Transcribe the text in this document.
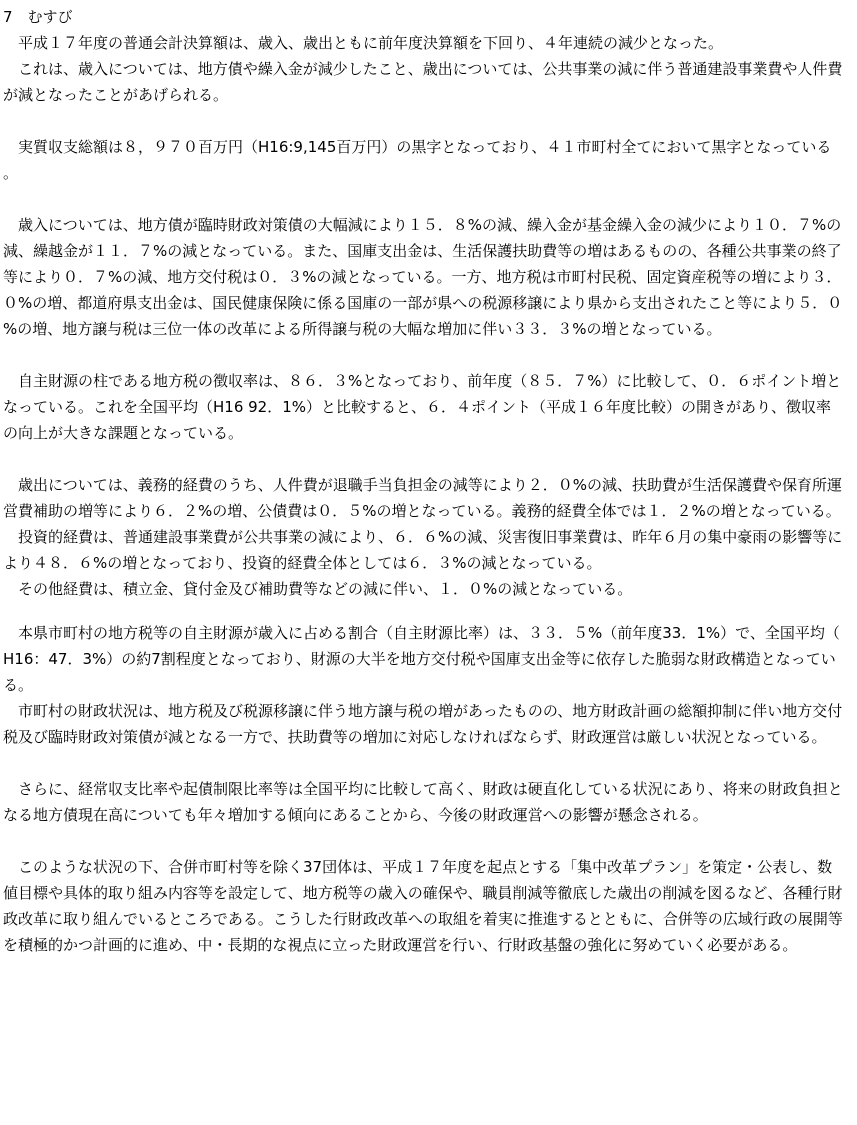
7　むすび

　平成１７年度の普通会計決算額は、歳入、歳出ともに前年度決算額を下回り、４年連続の減少となった。

　これは、歳入については、地方債や繰入金が減少したこと、歳出については、公共事業の減に伴う普通建設事業費や人件費が減となったことがあげられる。

　実質収支総額は８，９７０百万円（H16:9,145百万円）の黒字となっており、４１市町村全てにおいて黒字となっている。

　歳入については、地方債が臨時財政対策債の大幅減により１５．８%の減、繰入金が基金繰入金の減少により１０．７%の減、繰越金が１１．７%の減となっている。また、国庫支出金は、生活保護扶助費等の増はあるものの、各種公共事業の終了等により０．７%の減、地方交付税は０．３%の減となっている。一方、地方税は市町村民税、固定資産税等の増により３．０%の増、都道府県支出金は、国民健康保険に係る国庫の一部が県への税源移譲により県から支出されたこと等により５．０%の増、地方譲与税は三位一体の改革による所得譲与税の大幅な増加に伴い３３．３%の増となっている。

　自主財源の柱である地方税の徴収率は、８６．３%となっており、前年度（８５．７%）に比較して、０．６ポイント増となっている。これを全国平均（H16 92．1%）と比較すると、６．４ポイント（平成１６年度比較）の開きがあり、徴収率の向上が大きな課題となっている。

　歳出については、義務的経費のうち、人件費が退職手当負担金の減等により２．０%の減、扶助費が生活保護費や保育所運営費補助の増等により６．２%の増、公債費は０．５%の増となっている。義務的経費全体では１．２%の増となっている。

　投資的経費は、普通建設事業費が公共事業の減により、６．６%の減、災害復旧事業費は、昨年６月の集中豪雨の影響等により４８．６%の増となっており、投資的経費全体としては６．３%の減となっている。

　その他経費は、積立金、貸付金及び補助費等などの減に伴い、１．０%の減となっている。

　本県市町村の地方税等の自主財源が歳入に占める割合（自主財源比率）は、３３．５%（前年度33．1%）で、全国平均（H16：47．3%）の約7割程度となっており、財源の大半を地方交付税や国庫支出金等に依存した脆弱な財政構造となっている。

　市町村の財政状況は、地方税及び税源移譲に伴う地方譲与税の増があったものの、地方財政計画の総額抑制に伴い地方交付税及び臨時財政対策債が減となる一方で、扶助費等の増加に対応しなければならず、財政運営は厳しい状況となっている。

　さらに、経常収支比率や起債制限比率等は全国平均に比較して高く、財政は硬直化している状況にあり、将来の財政負担となる地方債現在高についても年々増加する傾向にあることから、今後の財政運営への影響が懸念される。

　このような状況の下、合併市町村等を除く37団体は、平成１７年度を起点とする「集中改革プラン」を策定・公表し、数値目標や具体的取り組み内容等を設定して、地方税等の歳入の確保や、職員削減等徹底した歳出の削減を図るなど、各種行財政改革に取り組んでいるところである。こうした行財政改革への取組を着実に推進するとともに、合併等の広域行政の展開等を積極的かつ計画的に進め、中・長期的な視点に立った財政運営を行い、行財政基盤の強化に努めていく必要がある。
